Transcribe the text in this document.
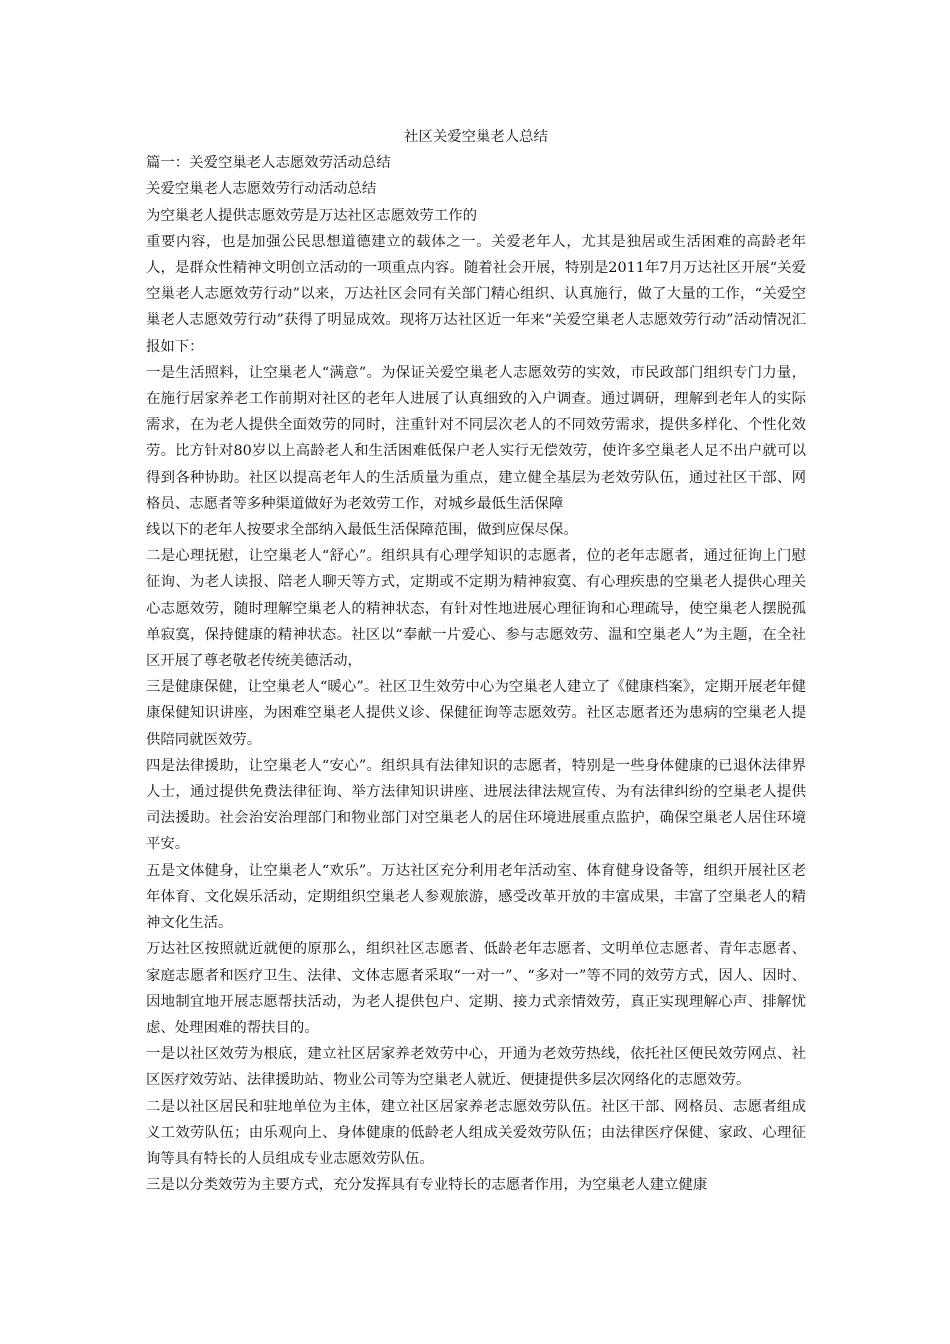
社区关爱空巢老人总结

篇一：关爱空巢老人志愿效劳活动总结

关爱空巢老人志愿效劳行动活动总结

为空巢老人提供志愿效劳是万达社区志愿效劳工作的

重要内容，也是加强公民思想道德建立的载体之一。关爱老年人，尤其是独居或生活困难的高龄老年人，是群众性精神文明创立活动的一项重点内容。随着社会开展，特别是2011年7月万达社区开展“关爱空巢老人志愿效劳行动”以来，万达社区会同有关部门精心组织、认真施行，做了大量的工作，“关爱空巢老人志愿效劳行动”获得了明显成效。现将万达社区近一年来“关爱空巢老人志愿效劳行动”活动情况汇报如下：

一是生活照料，让空巢老人“满意”。为保证关爱空巢老人志愿效劳的实效，市民政部门组织专门力量，在施行居家养老工作前期对社区的老年人进展了认真细致的入户调查。通过调研，理解到老年人的实际需求，在为老人提供全面效劳的同时，注重针对不同层次老人的不同效劳需求，提供多样化、个性化效劳。比方针对80岁以上高龄老人和生活困难低保户老人实行无偿效劳，使许多空巢老人足不出户就可以得到各种协助。社区以提高老年人的生活质量为重点，建立健全基层为老效劳队伍，通过社区干部、网格员、志愿者等多种渠道做好为老效劳工作，对城乡最低生活保障

线以下的老年人按要求全部纳入最低生活保障范围，做到应保尽保。

二是心理抚慰，让空巢老人“舒心”。组织具有心理学知识的志愿者，位的老年志愿者，通过征询上门慰征询、为老人读报、陪老人聊天等方式，定期或不定期为精神寂寞、有心理疾患的空巢老人提供心理关心志愿效劳，随时理解空巢老人的精神状态，有针对性地进展心理征询和心理疏导，使空巢老人摆脱孤单寂寞，保持健康的精神状态。社区以“奉献一片爱心、参与志愿效劳、温和空巢老人”为主题，在全社区开展了尊老敬老传统美德活动，

三是健康保健，让空巢老人“暖心”。社区卫生效劳中心为空巢老人建立了《健康档案》，定期开展老年健康保健知识讲座，为困难空巢老人提供义诊、保健征询等志愿效劳。社区志愿者还为患病的空巢老人提供陪同就医效劳。

四是法律援助，让空巢老人“安心”。组织具有法律知识的志愿者，特别是一些身体健康的已退休法律界人士，通过提供免费法律征询、举方法律知识讲座、进展法律法规宣传、为有法律纠纷的空巢老人提供司法援助。社会治安治理部门和物业部门对空巢老人的居住环境进展重点监护，确保空巢老人居住环境平安。

五是文体健身，让空巢老人“欢乐”。万达社区充分利用老年活动室、体育健身设备等，组织开展社区老年体育、文化娱乐活动，定期组织空巢老人参观旅游，感受改革开放的丰富成果，丰富了空巢老人的精神文化生活。

万达社区按照就近就便的原那么，组织社区志愿者、低龄老年志愿者、文明单位志愿者、青年志愿者、家庭志愿者和医疗卫生、法律、文体志愿者采取“一对一”、“多对一”等不同的效劳方式，因人、因时、因地制宜地开展志愿帮扶活动，为老人提供包户、定期、接力式亲情效劳，真正实现理解心声、排解忧虑、处理困难的帮扶目的。

一是以社区效劳为根底，建立社区居家养老效劳中心，开通为老效劳热线，依托社区便民效劳网点、社区医疗效劳站、法律援助站、物业公司等为空巢老人就近、便捷提供多层次网络化的志愿效劳。

二是以社区居民和驻地单位为主体，建立社区居家养老志愿效劳队伍。社区干部、网格员、志愿者组成义工效劳队伍；由乐观向上、身体健康的低龄老人组成关爱效劳队伍；由法律医疗保健、家政、心理征询等具有特长的人员组成专业志愿效劳队伍。

三是以分类效劳为主要方式，充分发挥具有专业特长的志愿者作用，为空巢老人建立健康
